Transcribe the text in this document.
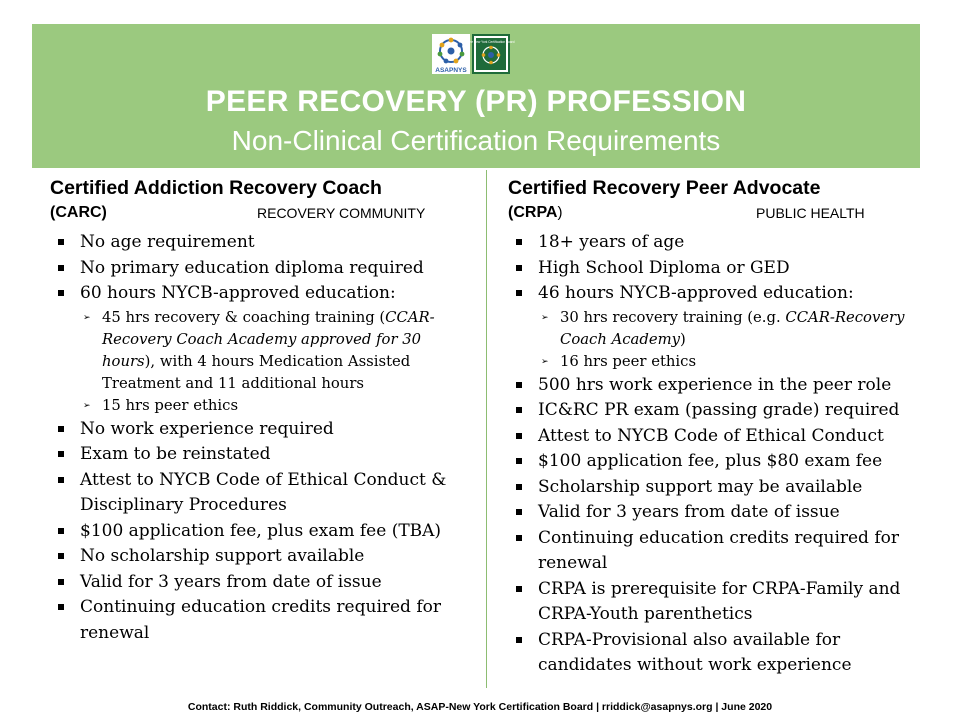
ASAPNYS
The New York Certification Board
PEER RECOVERY (PR) PROFESSION
Non-Clinical Certification Requirements
Certified Addiction Recovery Coach
(CARC)	RECOVERY COMMUNITY
No age requirement
No primary education diploma required
60 hours NYCB-approved education:
➢ 45 hrs recovery & coaching training (CCAR-Recovery Coach Academy approved for 30 hours), with 4 hours Medication Assisted Treatment and 11 additional hours
➢ 15 hrs peer ethics
No work experience required
Exam to be reinstated
Attest to NYCB Code of Ethical Conduct & Disciplinary Procedures
$100 application fee, plus exam fee (TBA)
No scholarship support available
Valid for 3 years from date of issue
Continuing education credits required for renewal
Certified Recovery Peer Advocate
(CRPA)	PUBLIC HEALTH
18+ years of age
High School Diploma or GED
46 hours NYCB-approved education:
➢ 30 hrs recovery training (e.g. CCAR-Recovery Coach Academy)
➢ 16 hrs peer ethics
500 hrs work experience in the peer role
IC&RC PR exam (passing grade) required
Attest to NYCB Code of Ethical Conduct
$100 application fee, plus $80 exam fee
Scholarship support may be available
Valid for 3 years from date of issue
Continuing education credits required for renewal
CRPA is prerequisite for CRPA-Family and CRPA-Youth parenthetics
CRPA-Provisional also available for candidates without work experience
Contact: Ruth Riddick, Community Outreach, ASAP-New York Certification Board | rriddick@asapnys.org | June 2020
